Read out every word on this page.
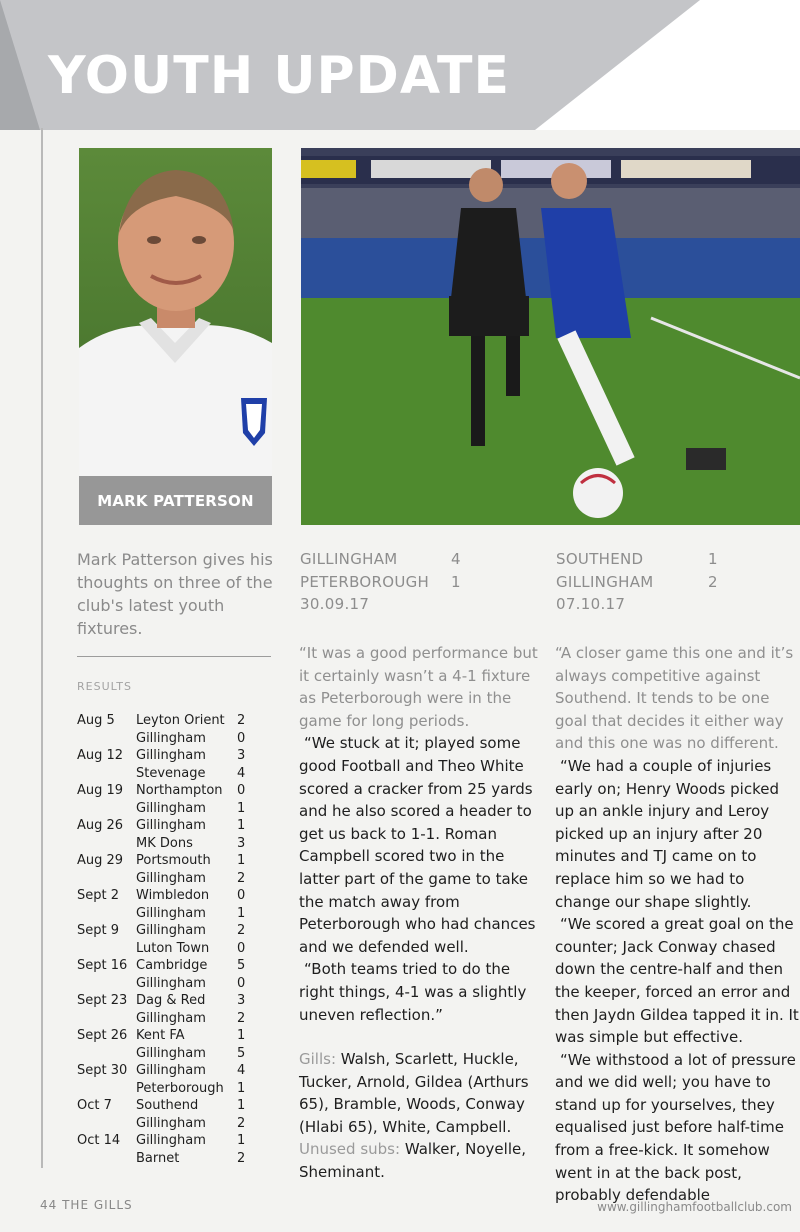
YOUTH UPDATE
MARK PATTERSON
Mark Patterson gives his thoughts on three of the club's latest youth fixtures.
RESULTS
Aug 5	Leyton Orient 2
Gillingham	0
Aug 12 Gillingham	3
Stevenage	4
Aug 19 Northampton	0
Gillingham	1
Aug 26 Gillingham	1
MK Dons	3
Aug 29 Portsmouth	1
Gillingham	2
Sept 2	Wimbledon	0
Gillingham	1
Sept 9	Gillingham	2
Luton Town	0
Sept 16 Cambridge	5
Gillingham	0
Sept 23 Dag & Red	3
Gillingham	2
Sept 26 Kent FA	1
Gillingham	5
Sept 30 Gillingham	4
Peterborough	1
Oct 7	Southend	1
Gillingham	2
Oct 14	Gillingham	1
Barnet	2
GILLINGHAM	4
PETERBOROUGH 1
30.09.17

“It was a good performance but it certainly wasn’t a 4-1 fixture as Peterborough were in the game for long periods.

“We stuck at it; played some good Football and Theo White scored a cracker from 25 yards and he also scored a header to get us back to 1-1. Roman Campbell scored two in the latter part of the game to take the match away from Peterborough who had chances and we defended well.

“Both teams tried to do the right things, 4-1 was a slightly uneven reflection.”

Gills: Walsh, Scarlett, Huckle, Tucker, Arnold, Gildea (Arthurs 65), Bramble, Woods, Conway (Hlabi 65), White, Campbell. Unused subs: Walker, Noyelle, Sheminant.

SOUTHEND	1
GILLINGHAM	2
07.10.17

“A closer game this one and it’s always competitive against Southend. It tends to be one goal that decides it either way and this one was no different.

“We had a couple of injuries early on; Henry Woods picked up an ankle injury and Leroy picked up an injury after 20 minutes and TJ came on to replace him so we had to change our shape slightly.

“We scored a great goal on the counter; Jack Conway chased down the centre-half and then the keeper, forced an error and then Jaydn Gildea tapped it in. It was simple but effective.

“We withstood a lot of pressure and we did well; you have to stand up for yourselves, they equalised just before half-time from a free-kick. It somehow went in at the back post, probably defendable

44 THE GILLS	www.gillinghamfootballclub.com
